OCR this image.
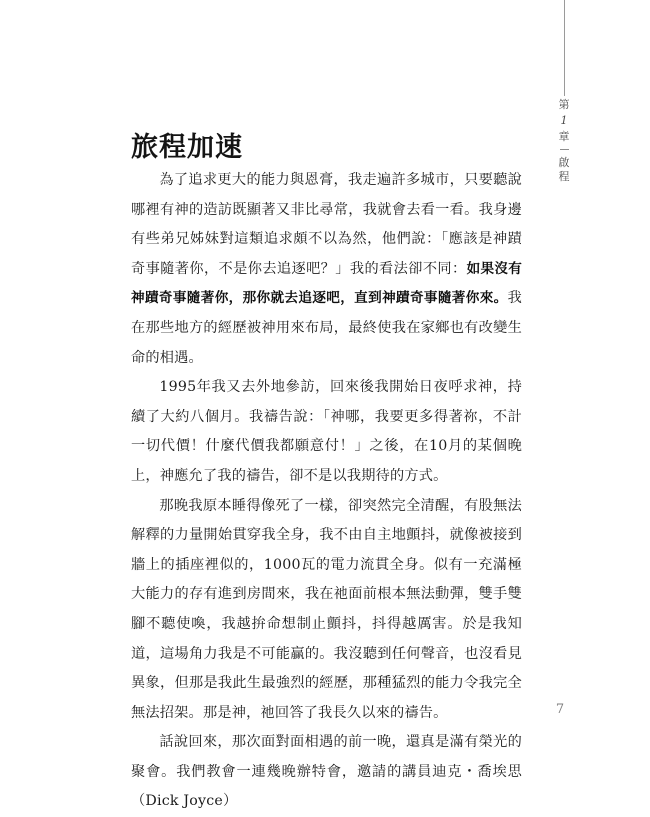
第
1
章
啟程
旅程加速

為了追求更大的能力與恩膏，我走遍許多城市，只要聽說哪裡有神的造訪既顯著又非比尋常，我就會去看一看。我身邊有些弟兄姊妹對這類追求頗不以為然，他們說：「應該是神蹟奇事隨著你，不是你去追逐吧？」我的看法卻不同：如果沒有神蹟奇事隨著你，那你就去追逐吧，直到神蹟奇事隨著你來。我在那些地方的經歷被神用來布局，最終使我在家鄉也有改變生命的相遇。

1995年我又去外地參訪，回來後我開始日夜呼求神，持續了大約八個月。我禱告說：「神哪，我要更多得著祢，不計一切代價！什麼代價我都願意付！」之後，在10月的某個晚上，神應允了我的禱告，卻不是以我期待的方式。

那晚我原本睡得像死了一樣，卻突然完全清醒，有股無法解釋的力量開始貫穿我全身，我不由自主地顫抖，就像被接到牆上的插座裡似的，1000瓦的電力流貫全身。似有一充滿極大能力的存有進到房間來，我在祂面前根本無法動彈，雙手雙腳不聽使喚，我越拚命想制止顫抖，抖得越厲害。於是我知道，這場角力我是不可能贏的。我沒聽到任何聲音，也沒看見異象，但那是我此生最強烈的經歷，那種猛烈的能力令我完全無法招架。那是神，祂回答了我長久以來的禱告。

話說回來，那次面對面相遇的前一晚，還真是滿有榮光的聚會。我們教會一連幾晚辦特會，邀請的講員迪克・喬埃思（Dick Joyce）

7
